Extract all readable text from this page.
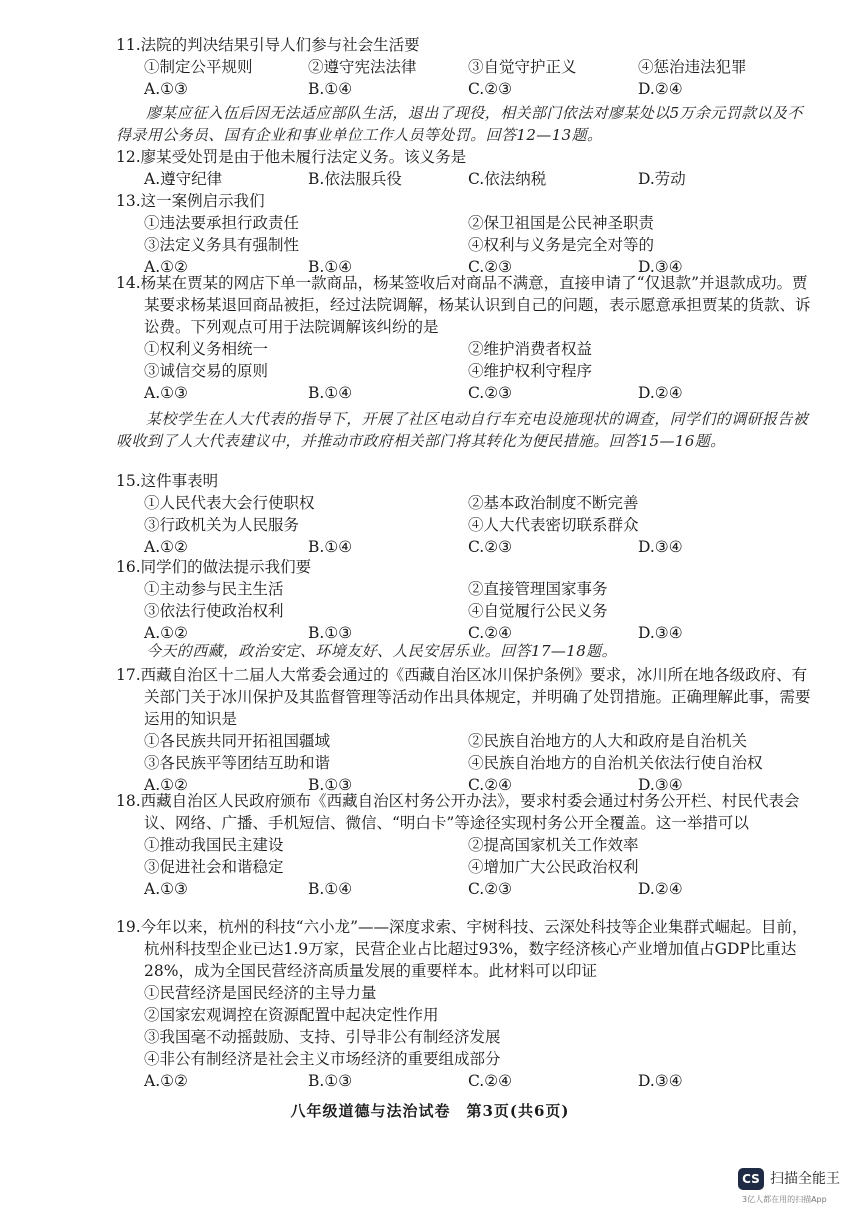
11.法院的判决结果引导人们参与社会生活要
①制定公平规则	②遵守宪法法律	③自觉守护正义	④惩治违法犯罪
A.①③	B.①④	C.②③	D.②④
廖某应征入伍后因无法适应部队生活，退出了现役，相关部门依法对廖某处以5万余元罚款以及不得录用公务员、国有企业和事业单位工作人员等处罚。回答12—13题。
12.廖某受处罚是由于他未履行法定义务。该义务是
A.遵守纪律	B.依法服兵役	C.依法纳税	D.劳动
13.这一案例启示我们
①违法要承担行政责任	②保卫祖国是公民神圣职责
③法定义务具有强制性	④权利与义务是完全对等的
A.①②	B.①④	C.②③	D.③④
14.杨某在贾某的网店下单一款商品，杨某签收后对商品不满意，直接申请了“仅退款”并退款成功。贾某要求杨某退回商品被拒，经过法院调解，杨某认识到自己的问题，表示愿意承担贾某的货款、诉讼费。下列观点可用于法院调解该纠纷的是
①权利义务相统一	②维护消费者权益
③诚信交易的原则	④维护权利守程序
A.①③	B.①④	C.②③	D.②④
某校学生在人大代表的指导下，开展了社区电动自行车充电设施现状的调查，同学们的调研报告被吸收到了人大代表建议中，并推动市政府相关部门将其转化为便民措施。回答15—16题。
15.这件事表明
①人民代表大会行使职权	②基本政治制度不断完善
③行政机关为人民服务	④人大代表密切联系群众
A.①②	B.①④	C.②③	D.③④
16.同学们的做法提示我们要
①主动参与民主生活	②直接管理国家事务
③依法行使政治权利	④自觉履行公民义务
A.①②	B.①③	C.②④	D.③④
今天的西藏，政治安定、环境友好、人民安居乐业。回答17—18题。
17.西藏自治区十二届人大常委会通过的《西藏自治区冰川保护条例》要求，冰川所在地各级政府、有关部门关于冰川保护及其监督管理等活动作出具体规定，并明确了处罚措施。正确理解此事，需要运用的知识是
①各民族共同开拓祖国疆域	②民族自治地方的人大和政府是自治机关
③各民族平等团结互助和谐	④民族自治地方的自治机关依法行使自治权
A.①②	B.①③	C.②④	D.③④
18.西藏自治区人民政府颁布《西藏自治区村务公开办法》，要求村委会通过村务公开栏、村民代表会议、网络、广播、手机短信、微信、“明白卡”等途径实现村务公开全覆盖。这一举措可以
①推动我国民主建设	②提高国家机关工作效率
③促进社会和谐稳定	④增加广大公民政治权利
A.①③	B.①④	C.②③	D.②④
19.今年以来，杭州的科技“六小龙”——深度求索、宇树科技、云深处科技等企业集群式崛起。目前，杭州科技型企业已达1.9万家，民营企业占比超过93%，数字经济核心产业增加值占GDP比重达28%，成为全国民营经济高质量发展的重要样本。此材料可以印证
①民营经济是国民经济的主导力量
②国家宏观调控在资源配置中起决定性作用
③我国毫不动摇鼓励、支持、引导非公有制经济发展
④非公有制经济是社会主义市场经济的重要组成部分
A.①②	B.①③	C.②④	D.③④
八年级道德与法治试卷　第3页(共6页)
CS 扫描全能王
3亿人都在用的扫描App
